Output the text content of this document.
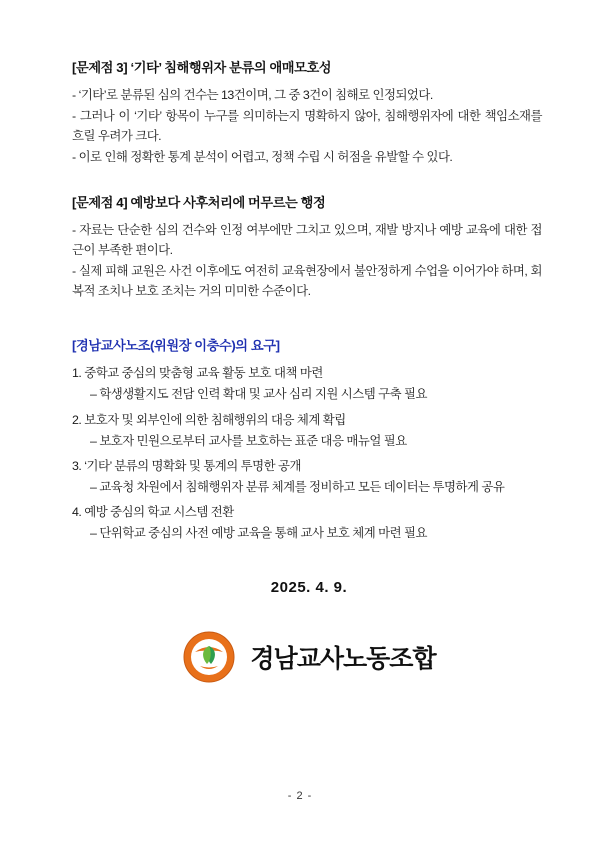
[문제점 3] ‘기타’ 침해행위자 분류의 애매모호성

- ‘기타’로 분류된 심의 건수는 13건이며, 그 중 3건이 침해로 인정되었다.

- 그러나 이 ‘기타’ 항목이 누구를 의미하는지 명확하지 않아, 침해행위자에 대한 책임소재를 흐릴 우려가 크다.

- 이로 인해 정확한 통계 분석이 어렵고, 정책 수립 시 허점을 유발할 수 있다.

[문제점 4] 예방보다 사후처리에 머무르는 행정

- 자료는 단순한 심의 건수와 인정 여부에만 그치고 있으며, 재발 방지나 예방 교육에 대한 접근이 부족한 편이다.

- 실제 피해 교원은 사건 이후에도 여전히 교육현장에서 불안정하게 수업을 이어가야 하며, 회복적 조치나 보호 조치는 거의 미미한 수준이다.

[경남교사노조(위원장 이충수)의 요구]

1. 중학교 중심의 맞춤형 교육 활동 보호 대책 마련

– 학생생활지도 전담 인력 확대 및 교사 심리 지원 시스템 구축 필요

2. 보호자 및 외부인에 의한 침해행위의 대응 체계 확립

– 보호자 민원으로부터 교사를 보호하는 표준 대응 매뉴얼 필요

3. ‘기타’ 분류의 명확화 및 통계의 투명한 공개

– 교육청 차원에서 침해행위자 분류 체계를 정비하고 모든 데이터는 투명하게 공유

4. 예방 중심의 학교 시스템 전환

– 단위학교 중심의 사전 예방 교육을 통해 교사 보호 체계 마련 필요

2025. 4. 9.
경남교사노동조합
- 2 -
